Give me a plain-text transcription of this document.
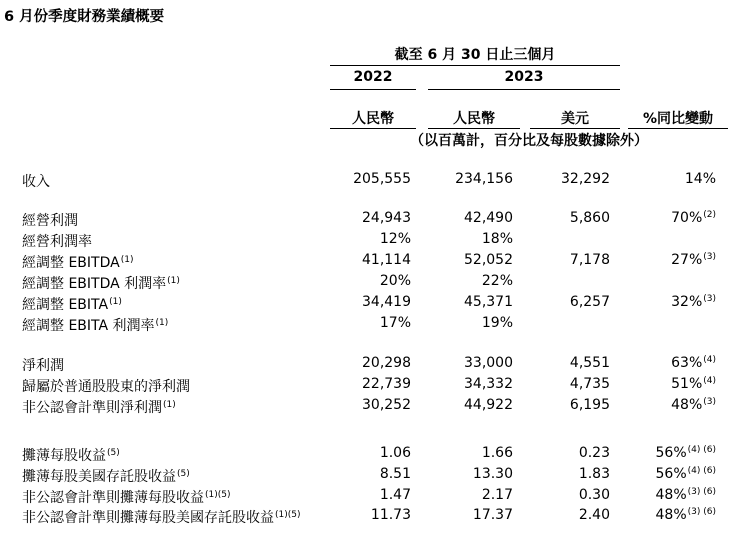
6 月份季度財務業績概要
截至 6 月 30 日止三個月
2022	2023
人民幣	人民幣	美元	%同比變動
（以百萬計，百分比及每股數據除外）
收入	205,555	234,156	32,292	14%
經營利潤	24,943	42,490	5,860	70%$^{(2)}$
經營利潤率	12%	18%
經調整 EBITDA$^{(1)}$	41,114	52,052	7,178	27%$^{(3)}$
經調整 EBITDA 利潤率$^{(1)}$	20%	22%
經調整 EBITA$^{(1)}$	34,419	45,371	6,257	32%$^{(3)}$
經調整 EBITA 利潤率$^{(1)}$	17%	19%
淨利潤	20,298	33,000	4,551	63%$^{(4)}$
歸屬於普通股股東的淨利潤	22,739	34,332	4,735	51%$^{(4)}$
非公認會計準則淨利潤$^{(1)}$	30,252	44,922	6,195	48%$^{(3)}$
攤薄每股收益$^{(5)}$	1.06	1.66	0.23	56%$^{(4) (6)}$
攤薄每股美國存託股收益$^{(5)}$	8.51	13.30	1.83	56%$^{(4) (6)}$
非公認會計準則攤薄每股收益$^{(1)(5)}$	1.47	2.17	0.30	48%$^{(3) (6)}$
非公認會計準則攤薄每股美國存託股收益$^{(1)(5)}$	11.73	17.37	2.40	48%$^{(3) (6)}$
